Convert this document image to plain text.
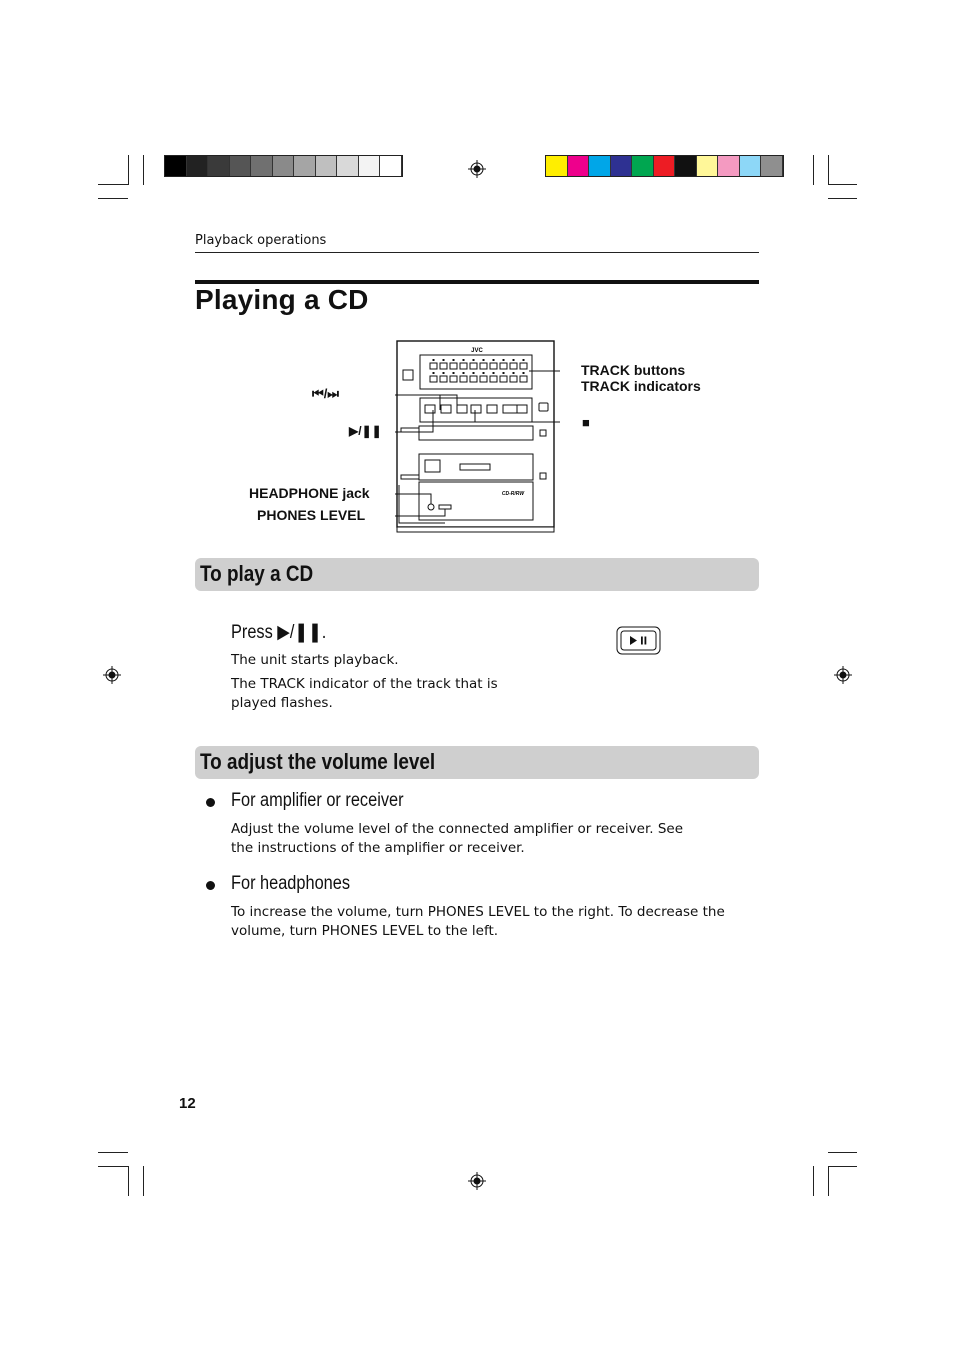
Playback operations
Playing a CD
JVC
CD-R/RW
TRACK buttons
TRACK indicators
⏮/⏭
■
▶/❚❚
HEADPHONE jack
PHONES LEVEL
To play a CD
Press ▶/❚❚.
The unit starts playback.
The TRACK indicator of the track that is played flashes.
To adjust the volume level
For amplifier or receiver
Adjust the volume level of the connected amplifier or receiver. See the instructions of the amplifier or receiver.
For headphones
To increase the volume, turn PHONES LEVEL to the right. To decrease the volume, turn PHONES LEVEL to the left.
12
